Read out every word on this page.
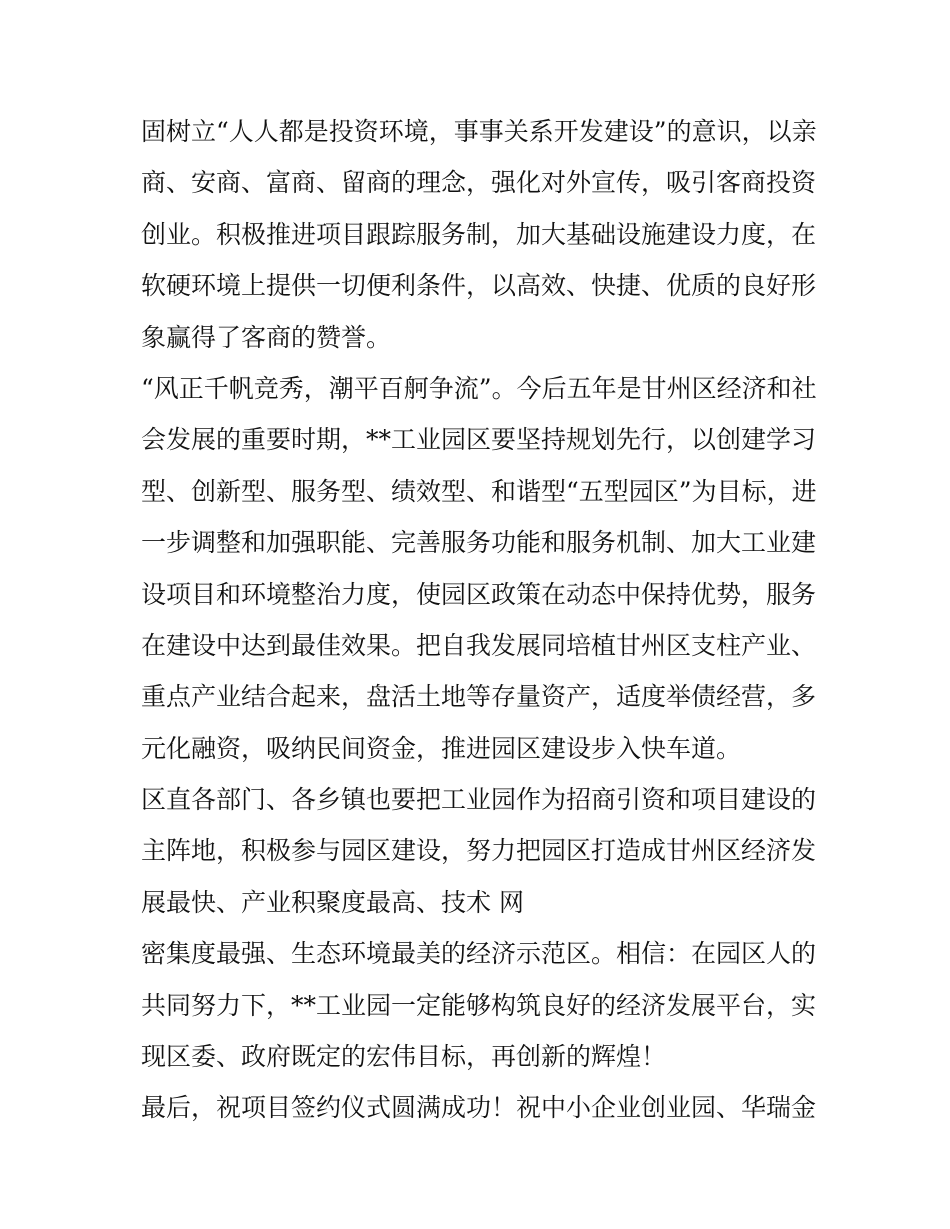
固树立“人人都是投资环境，事事关系开发建设”的意识，以亲
商、安商、富商、留商的理念，强化对外宣传，吸引客商投资
创业。积极推进项目跟踪服务制，加大基础设施建设力度，在
软硬环境上提供一切便利条件，以高效、快捷、优质的良好形
象赢得了客商的赞誉。
“风正千帆竞秀，潮平百舸争流”。今后五年是甘州区经济和社
会发展的重要时期，**工业园区要坚持规划先行，以创建学习
型、创新型、服务型、绩效型、和谐型“五型园区”为目标，进
一步调整和加强职能、完善服务功能和服务机制、加大工业建
设项目和环境整治力度，使园区政策在动态中保持优势，服务
在建设中达到最佳效果。把自我发展同培植甘州区支柱产业、
重点产业结合起来，盘活土地等存量资产，适度举债经营，多
元化融资，吸纳民间资金，推进园区建设步入快车道。
区直各部门、各乡镇也要把工业园作为招商引资和项目建设的
主阵地，积极参与园区建设，努力把园区打造成甘州区经济发
展最快、产业积聚度最高、技术 网
密集度最强、生态环境最美的经济示范区。相信：在园区人的
共同努力下，**工业园一定能够构筑良好的经济发展平台，实
现区委、政府既定的宏伟目标，再创新的辉煌！
最后，祝项目签约仪式圆满成功！祝中小企业创业园、华瑞金
